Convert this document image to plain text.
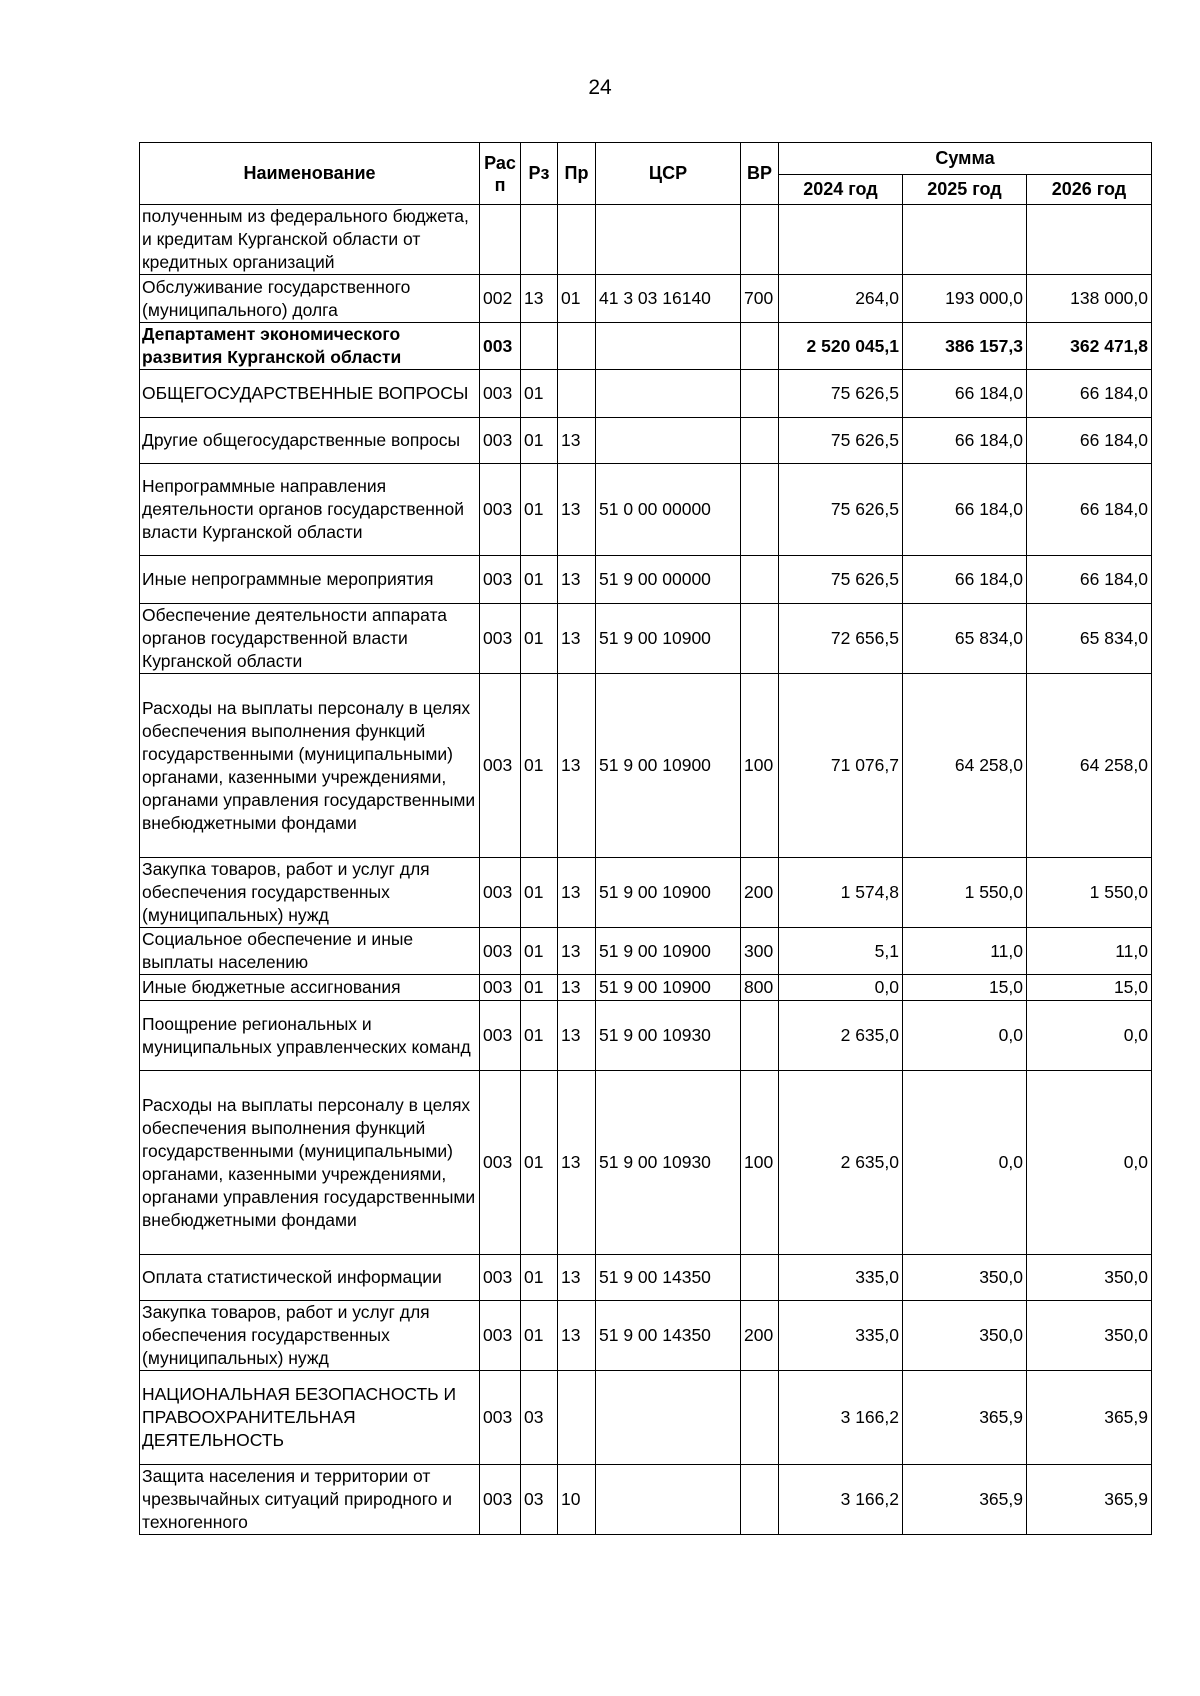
24
Наименование	Рас п	Рз	Пр	ЦСР	ВР	Сумма		
						2024 год	2025 год	2026 год
полученным из федерального бюджета, и кредитам Курганской области от кредитных организаций								
Обслуживание государственного (муниципального) долга	002	13	01	41 3 03 16140	700	264,0	193 000,0	138 000,0
Департамент экономического развития Курганской области	003					2 520 045,1	386 157,3	362 471,8
ОБЩЕГОСУДАРСТВЕННЫЕ ВОПРОСЫ	003	01				75 626,5	66 184,0	66 184,0
Другие общегосударственные вопросы	003	01	13			75 626,5	66 184,0	66 184,0
Непрограммные направления деятельности органов государственной власти Курганской области	003	01	13	51 0 00 00000		75 626,5	66 184,0	66 184,0
Иные непрограммные мероприятия	003	01	13	51 9 00 00000		75 626,5	66 184,0	66 184,0
Обеспечение деятельности аппарата органов государственной власти Курганской области	003	01	13	51 9 00 10900		72 656,5	65 834,0	65 834,0
Расходы на выплаты персоналу в целях обеспечения выполнения функций государственными (муниципальными) органами, казенными учреждениями, органами управления государственными внебюджетными фондами	003	01	13	51 9 00 10900	100	71 076,7	64 258,0	64 258,0
Закупка товаров, работ и услуг для обеспечения государственных (муниципальных) нужд	003	01	13	51 9 00 10900	200	1 574,8	1 550,0	1 550,0
Социальное обеспечение и иные выплаты населению	003	01	13	51 9 00 10900	300	5,1	11,0	11,0
Иные бюджетные ассигнования	003	01	13	51 9 00 10900	800	0,0	15,0	15,0
Поощрение региональных и муниципальных управленческих команд	003	01	13	51 9 00 10930		2 635,0	0,0	0,0
Расходы на выплаты персоналу в целях обеспечения выполнения функций государственными (муниципальными) органами, казенными учреждениями, органами управления государственными внебюджетными фондами	003	01	13	51 9 00 10930	100	2 635,0	0,0	0,0
Оплата статистической информации	003	01	13	51 9 00 14350		335,0	350,0	350,0
Закупка товаров, работ и услуг для обеспечения государственных (муниципальных) нужд	003	01	13	51 9 00 14350	200	335,0	350,0	350,0
НАЦИОНАЛЬНАЯ БЕЗОПАСНОСТЬ И ПРАВООХРАНИТЕЛЬНАЯ ДЕЯТЕЛЬНОСТЬ	003	03				3 166,2	365,9	365,9
Защита населения и территории от чрезвычайных ситуаций природного и техногенного	003	03	10			3 166,2	365,9	365,9
